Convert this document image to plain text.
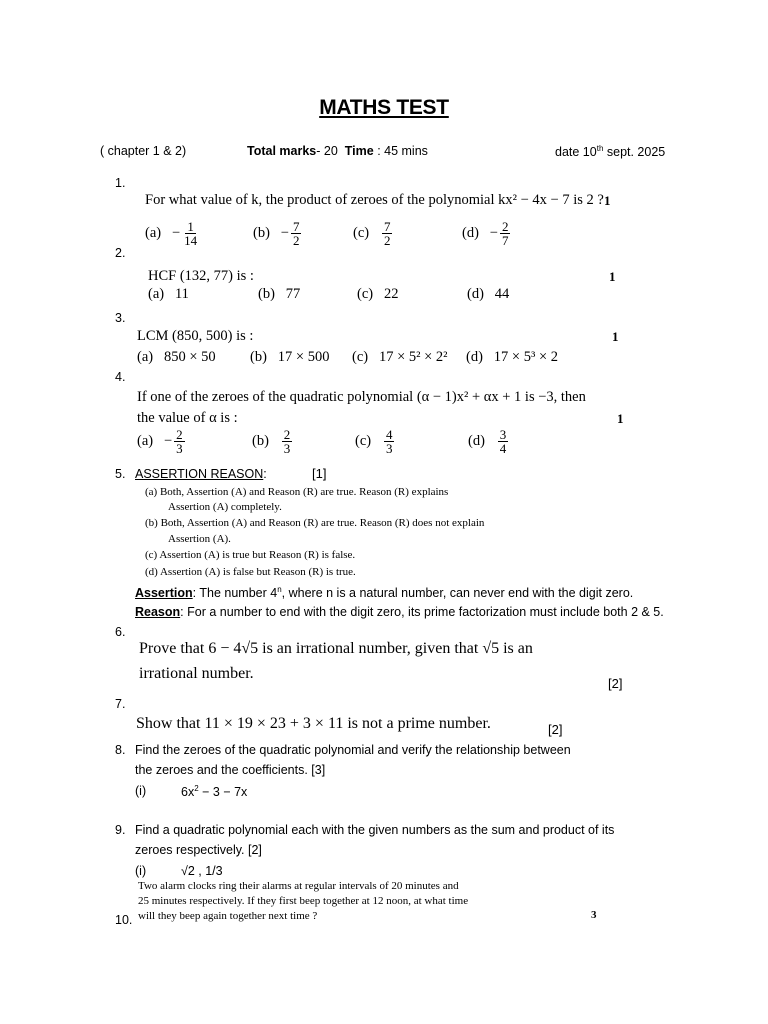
MATHS TEST
( chapter 1 & 2)	Total marks- 20 Time : 45 mins	date 10th sept. 2025
1.
For what value of k, the product of zeroes of the polynomial kx² − 4x − 7 is 2 ? 1
$(a) - \frac{1}{14}$	$(b) - \frac{7}{2}$	$(c) \frac{7}{2}$	$(d) - \frac{2}{7}$
2.
HCF (132, 77) is :	1
(a) 11	(b) 77	(c) 22	(d) 44
3.
LCM (850, 500) is :	1
(a) 850 × 50 (b) 17 × 500 (c) 17 × 5² × 2² (d) 17 × 5³ × 2
4.
If one of the zeroes of the quadratic polynomial (α − 1)x² + αx + 1 is −3, then
the value of α is :	1
$(a) - \frac{2}{3}$	$(b) \frac{2}{3}$	$(c) \frac{4}{3}$	$(d) \frac{3}{4}$
5. ASSERTION REASON:	[1]
(a) Both, Assertion (A) and Reason (R) are true. Reason (R) explains
Assertion (A) completely.
(b) Both, Assertion (A) and Reason (R) are true. Reason (R) does not explain
Assertion (A).
(c) Assertion (A) is true but Reason (R) is false.
(d) Assertion (A) is false but Reason (R) is true.
Assertion: The number 4$^n$, where n is a natural number, can never end with the digit zero.
Reason: For a number to end with the digit zero, its prime factorization must include both 2 & 5.
6.
Prove that 6 − 4√5 is an irrational number, given that √5 is an
irrational number.
[2]
7.
Show that 11 × 19 × 23 + 3 × 11 is not a prime number.	[2]
8. Find the zeroes of the quadratic polynomial and verify the relationship between
the zeroes and the coefficients. [3]
(i)	$6x^2 - 3 - 7x$
9. Find a quadratic polynomial each with the given numbers as the sum and product of its
zeroes respectively. [2]
(i)	√2 , 1/3
Two alarm clocks ring their alarms at regular intervals of 20 minutes and
25 minutes respectively. If they first beep together at 12 noon, at what time
will they beep again together next time ?	3
10.
